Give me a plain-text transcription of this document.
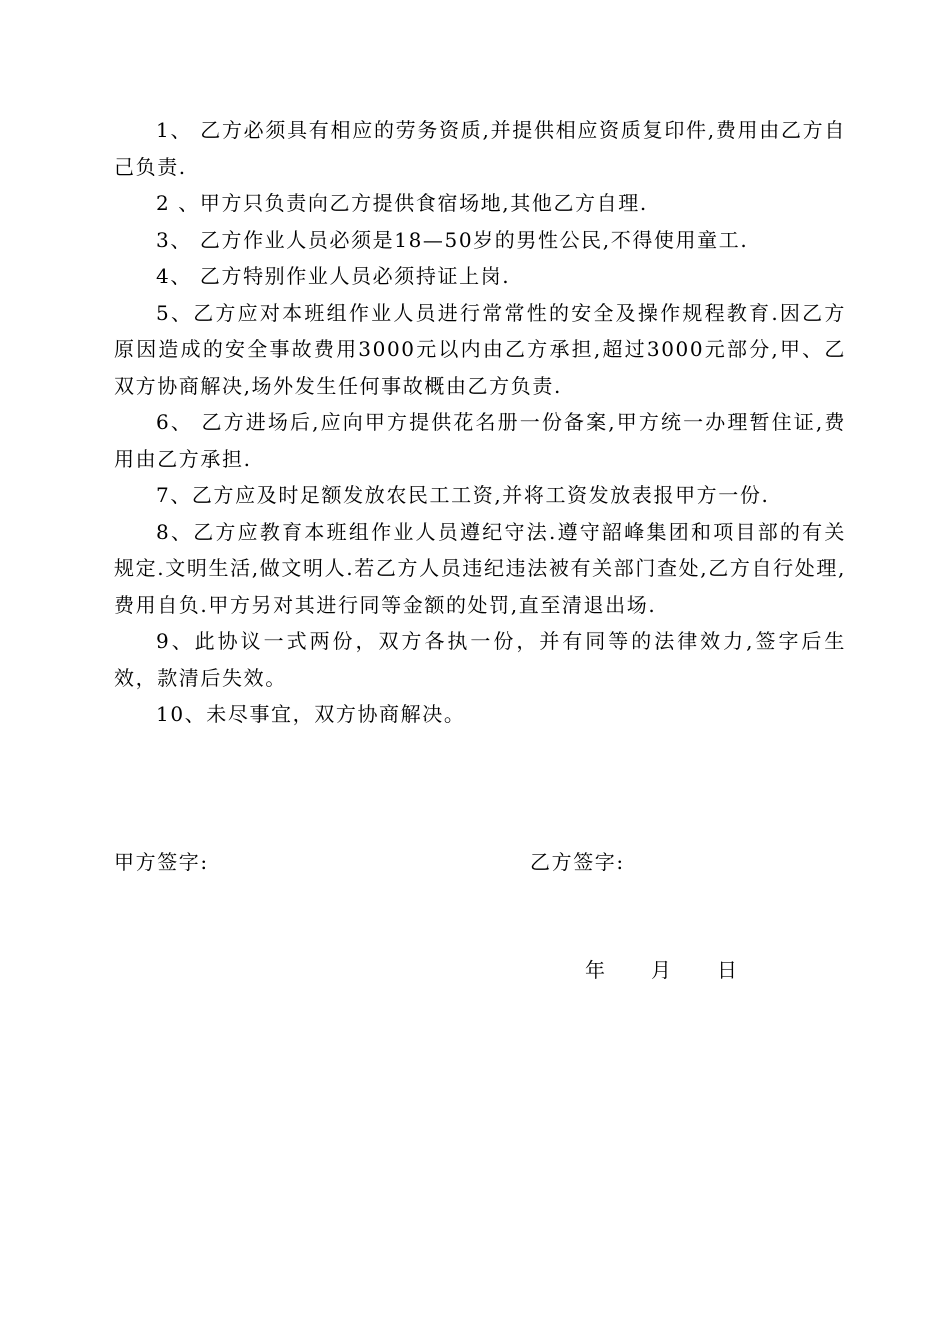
1、 乙方必须具有相应的劳务资质,并提供相应资质复印件,费用由乙方自己负责.

2 、甲方只负责向乙方提供食宿场地,其他乙方自理.

3、 乙方作业人员必须是18—50岁的男性公民,不得使用童工.

4、 乙方特别作业人员必须持证上岗.

5、乙方应对本班组作业人员进行常常性的安全及操作规程教育.因乙方原因造成的安全事故费用3000元以内由乙方承担,超过3000元部分,甲、乙双方协商解决,场外发生任何事故概由乙方负责.

6、 乙方进场后,应向甲方提供花名册一份备案,甲方统一办理暂住证,费用由乙方承担.

7、乙方应及时足额发放农民工工资,并将工资发放表报甲方一份.

8、乙方应教育本班组作业人员遵纪守法.遵守韶峰集团和项目部的有关规定.文明生活,做文明人.若乙方人员违纪违法被有关部门查处,乙方自行处理,费用自负.甲方另对其进行同等金额的处罚,直至清退出场.

9、此协议一式两份，双方各执一份，并有同等的法律效力,签字后生效，款清后失效。

10、未尽事宜，双方协商解决。

甲方签字:	乙方签字:
年 月 日
